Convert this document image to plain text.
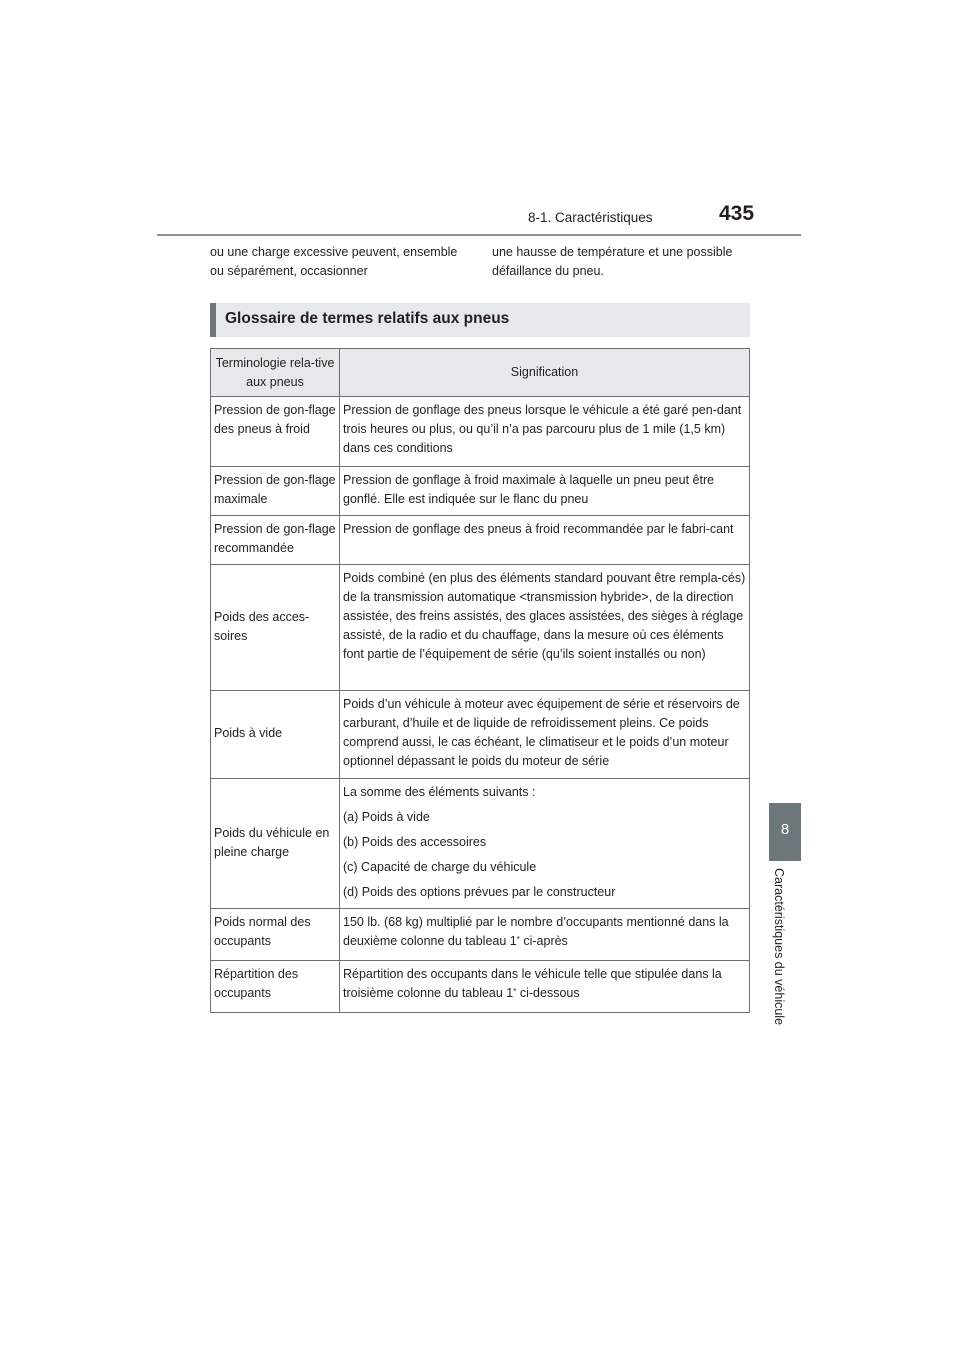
8-1. Caractéristiques	435
8
Caractéristiques du véhicule

ou une charge excessive peuvent, ensemble ou séparément, occasionner

une hausse de température et une possible défaillance du pneu.

Glossaire de termes relatifs aux pneus
Terminologie rela-tive aux pneus	Signification
Pression de gon-flage des pneus à froid	Pression de gonflage des pneus lorsque le véhicule a été garé pen-dant trois heures ou plus, ou qu’il n’a pas parcouru plus de 1 mile (1,5 km) dans ces conditions
Pression de gon-flage maximale	Pression de gonflage à froid maximale à laquelle un pneu peut être gonflé. Elle est indiquée sur le flanc du pneu
Pression de gon-flage recommandée	Pression de gonflage des pneus à froid recommandée par le fabri-cant
Poids des acces-soires	Poids combiné (en plus des éléments standard pouvant être rempla-cés) de la transmission automatique <transmission hybride>, de la direction assistée, des freins assistés, des glaces assistées, des sièges à réglage assisté, de la radio et du chauffage, dans la mesure où ces éléments font partie de l’équipement de série (qu’ils soient installés ou non)
Poids à vide	Poids d’un véhicule à moteur avec équipement de série et réservoirs de carburant, d’huile et de liquide de refroidissement pleins. Ce poids comprend aussi, le cas échéant, le climatiseur et le poids d’un moteur optionnel dépassant le poids du moteur de série
Poids du véhicule en pleine charge	La somme des éléments suivants :

(a) Poids à vide

(b) Poids des accessoires

(c) Capacité de charge du véhicule

(d) Poids des options prévues par le constructeur

Poids normal des occupants	150 lb. (68 kg) multiplié par le nombre d’occupants mentionné dans la deuxième colonne du tableau 1* ci-après
Répartition des occupants	Répartition des occupants dans le véhicule telle que stipulée dans la troisième colonne du tableau 1* ci-dessous
